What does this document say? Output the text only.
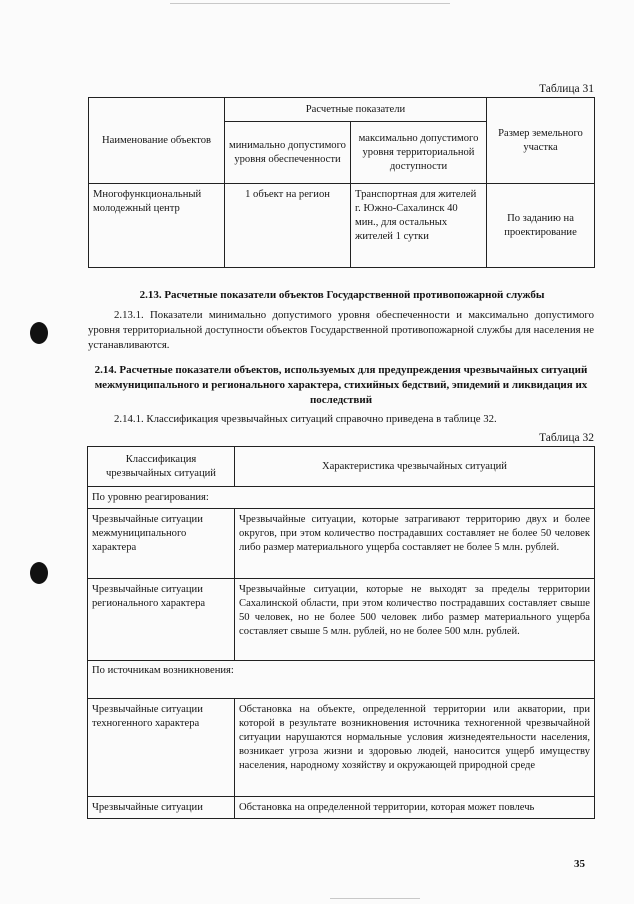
Таблица 31
Наименование объектов	Расчетные показатели		Размер земельного участка
	минимально допустимого уровня обеспеченности	максимально допустимого уровня территориальной доступности	
Многофункциональный молодежный центр	1 объект на регион	Транспортная для жителей г. Южно-Сахалинск 40 мин., для остальных жителей 1 сутки	По заданию на проектирование
2.13. Расчетные показатели объектов Государственной противопожарной службы
2.13.1. Показатели минимально допустимого уровня обеспеченности и максимально допустимого уровня территориальной доступности объектов Государственной противопожарной службы для населения не устанавливаются.
2.14. Расчетные показатели объектов, используемых для предупреждения чрезвычайных ситуаций межмуниципального и регионального характера, стихийных бедствий, эпидемий и ликвидация их последствий
2.14.1. Классификация чрезвычайных ситуаций справочно приведена в таблице 32.
Таблица 32
Классификация чрезвычайных ситуаций	Характеристика чрезвычайных ситуаций
По уровню реагирования:	
Чрезвычайные ситуации межмуниципального характера	Чрезвычайные ситуации, которые затрагивают территорию двух и более округов, при этом количество пострадавших составляет не более 50 человек либо размер материального ущерба составляет не более 5 млн. рублей.
Чрезвычайные ситуации регионального характера	Чрезвычайные ситуации, которые не выходят за пределы территории Сахалинской области, при этом количество пострадавших составляет свыше 50 человек, но не более 500 человек либо размер материального ущерба составляет свыше 5 млн. рублей, но не более 500 млн. рублей.
По источникам возникновения:	
Чрезвычайные ситуации техногенного характера	Обстановка на объекте, определенной территории или акватории, при которой в результате возникновения источника техногенной чрезвычайной ситуации нарушаются нормальные условия жизнедеятельности населения, возникает угроза жизни и здоровью людей, наносится ущерб имуществу населения, народному хозяйству и окружающей природной среде
Чрезвычайные ситуации	Обстановка на определенной территории, которая может повлечь
35
